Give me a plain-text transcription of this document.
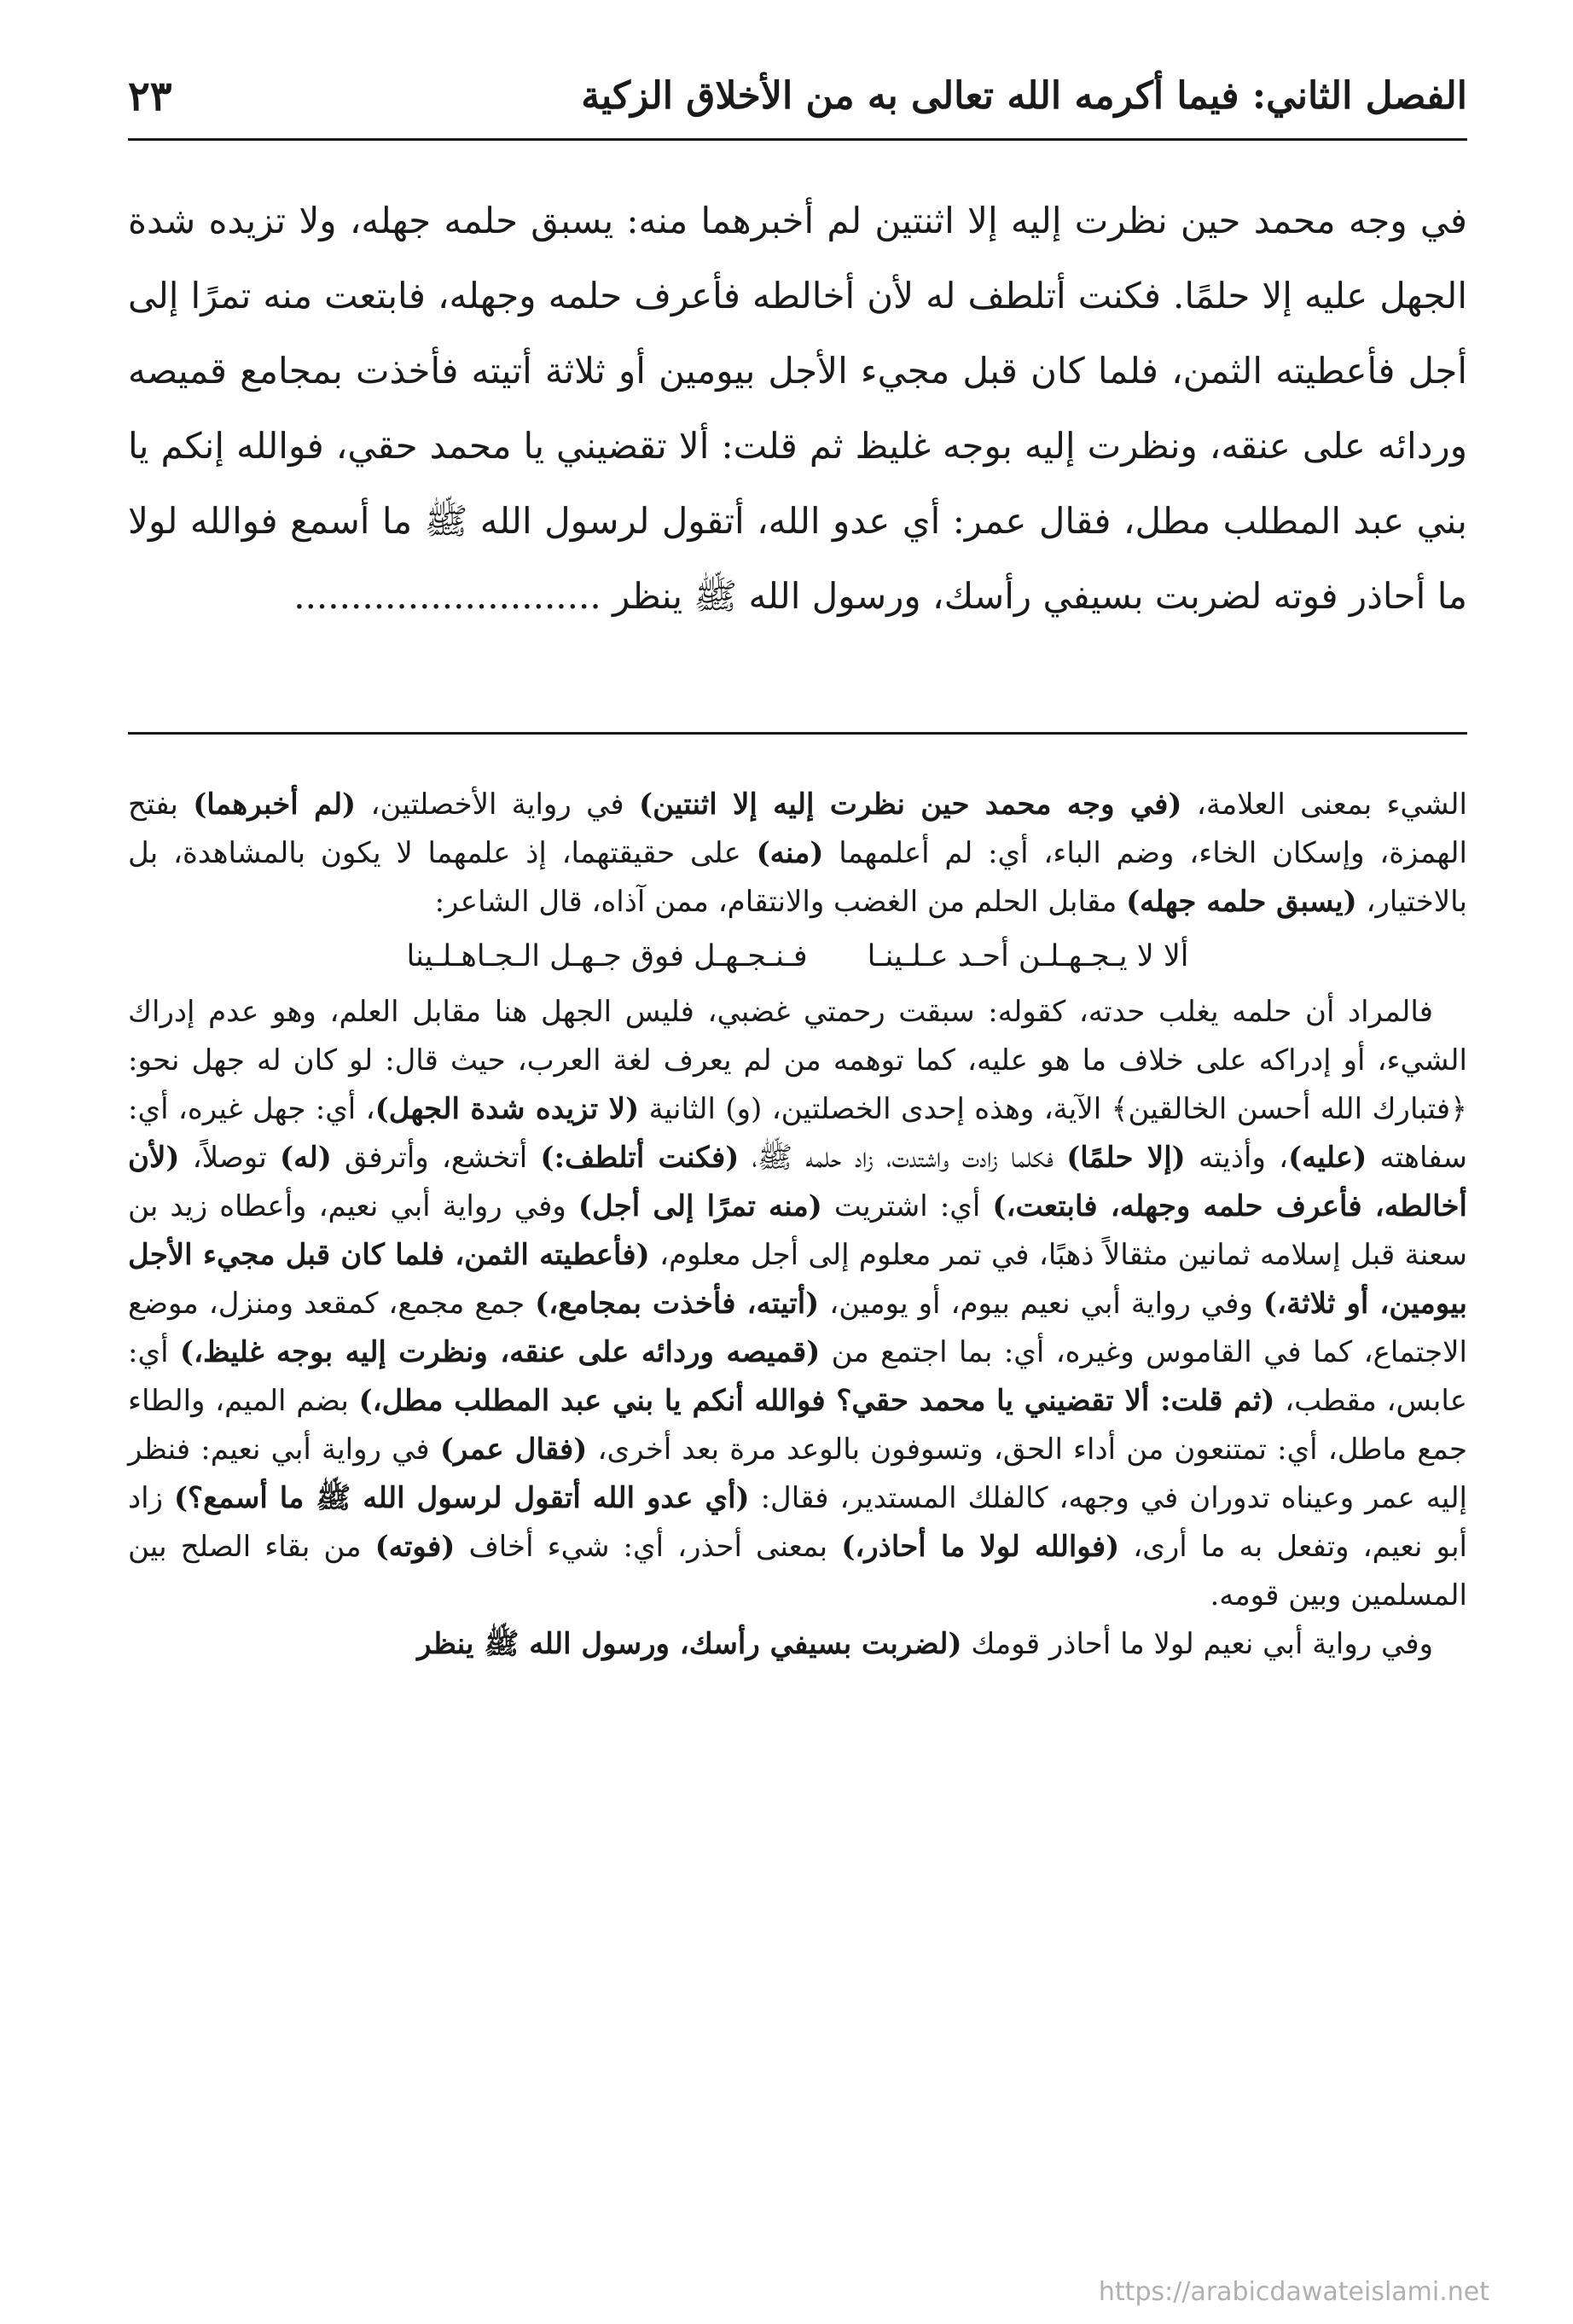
الفصل الثاني: فيما أكرمه الله تعالى به من الأخلاق الزكية
٢٣

في وجه محمد حين نظرت إليه إلا اثنتين لم أخبرهما منه: يسبق حلمه جهله، ولا تزيده شدة الجهل عليه إلا حلمًا. فكنت أتلطف له لأن أخالطه فأعرف حلمه وجهله، فابتعت منه تمرًا إلى أجل فأعطيته الثمن، فلما كان قبل مجيء الأجل بيومين أو ثلاثة أتيته فأخذت بمجامع قميصه وردائه على عنقه، ونظرت إليه بوجه غليظ ثم قلت: ألا تقضيني يا محمد حقي، فوالله إنكم يا بني عبد المطلب مطل، فقال عمر: أي عدو الله، أتقول لرسول الله ﷺ ما أسمع فوالله لولا ما أحاذر فوته لضربت بسيفي رأسك، ورسول الله ﷺ ينظر ...........................

الشيء بمعنى العلامة، (في وجه محمد حين نظرت إليه إلا اثنتين) في رواية الأخصلتين، (لم أخبرهما) بفتح الهمزة، وإسكان الخاء، وضم الباء، أي: لم أعلمهما (منه) على حقيقتهما، إذ علمهما لا يكون بالمشاهدة، بل بالاختيار، (يسبق حلمه جهله) مقابل الحلم من الغضب والانتقام، ممن آذاه، قال الشاعر:

ألا لا يـجـهـلـن أحـد عـلـينـا
فـنـجـهـل فوق جـهـل الـجـاهـلـينا

فالمراد أن حلمه يغلب حدته، كقوله: سبقت رحمتي غضبي، فليس الجهل هنا مقابل العلم، وهو عدم إدراك الشيء، أو إدراكه على خلاف ما هو عليه، كما توهمه من لم يعرف لغة العرب، حيث قال: لو كان له جهل نحو: ﴿فتبارك الله أحسن الخالقين﴾ الآية، وهذه إحدى الخصلتين، (و) الثانية (لا تزيده شدة الجهل)، أي: جهل غيره، أي: سفاهته (عليه)، وأذيته (إلا حلمًا) فكلما زادت واشتدت، زاد حلمه ﷺ، (فكنت أتلطف:) أتخشع، وأترفق (له) توصلاً، (لأن أخالطه، فأعرف حلمه وجهله، فابتعت،) أي: اشتريت (منه تمرًا إلى أجل) وفي رواية أبي نعيم، وأعطاه زيد بن سعنة قبل إسلامه ثمانين مثقالاً ذهبًا، في تمر معلوم إلى أجل معلوم، (فأعطيته الثمن، فلما كان قبل مجيء الأجل بيومين، أو ثلاثة،) وفي رواية أبي نعيم بيوم، أو يومين، (أتيته، فأخذت بمجامع،) جمع مجمع، كمقعد ومنزل، موضع الاجتماع، كما في القاموس وغيره، أي: بما اجتمع من (قميصه وردائه على عنقه، ونظرت إليه بوجه غليظ،) أي: عابس، مقطب، (ثم قلت: ألا تقضيني يا محمد حقي؟ فوالله أنكم يا بني عبد المطلب مطل،) بضم الميم، والطاء جمع ماطل، أي: تمتنعون من أداء الحق، وتسوفون بالوعد مرة بعد أخرى، (فقال عمر) في رواية أبي نعيم: فنظر إليه عمر وعيناه تدوران في وجهه، كالفلك المستدير، فقال: (أي عدو الله أتقول لرسول الله ﷺ ما أسمع؟) زاد أبو نعيم، وتفعل به ما أرى، (فوالله لولا ما أحاذر،) بمعنى أحذر، أي: شيء أخاف (فوته) من بقاء الصلح بين المسلمين وبين قومه.

وفي رواية أبي نعيم لولا ما أحاذر قومك (لضربت بسيفي رأسك، ورسول الله ﷺ ينظر

https://arabicdawateislami.net
